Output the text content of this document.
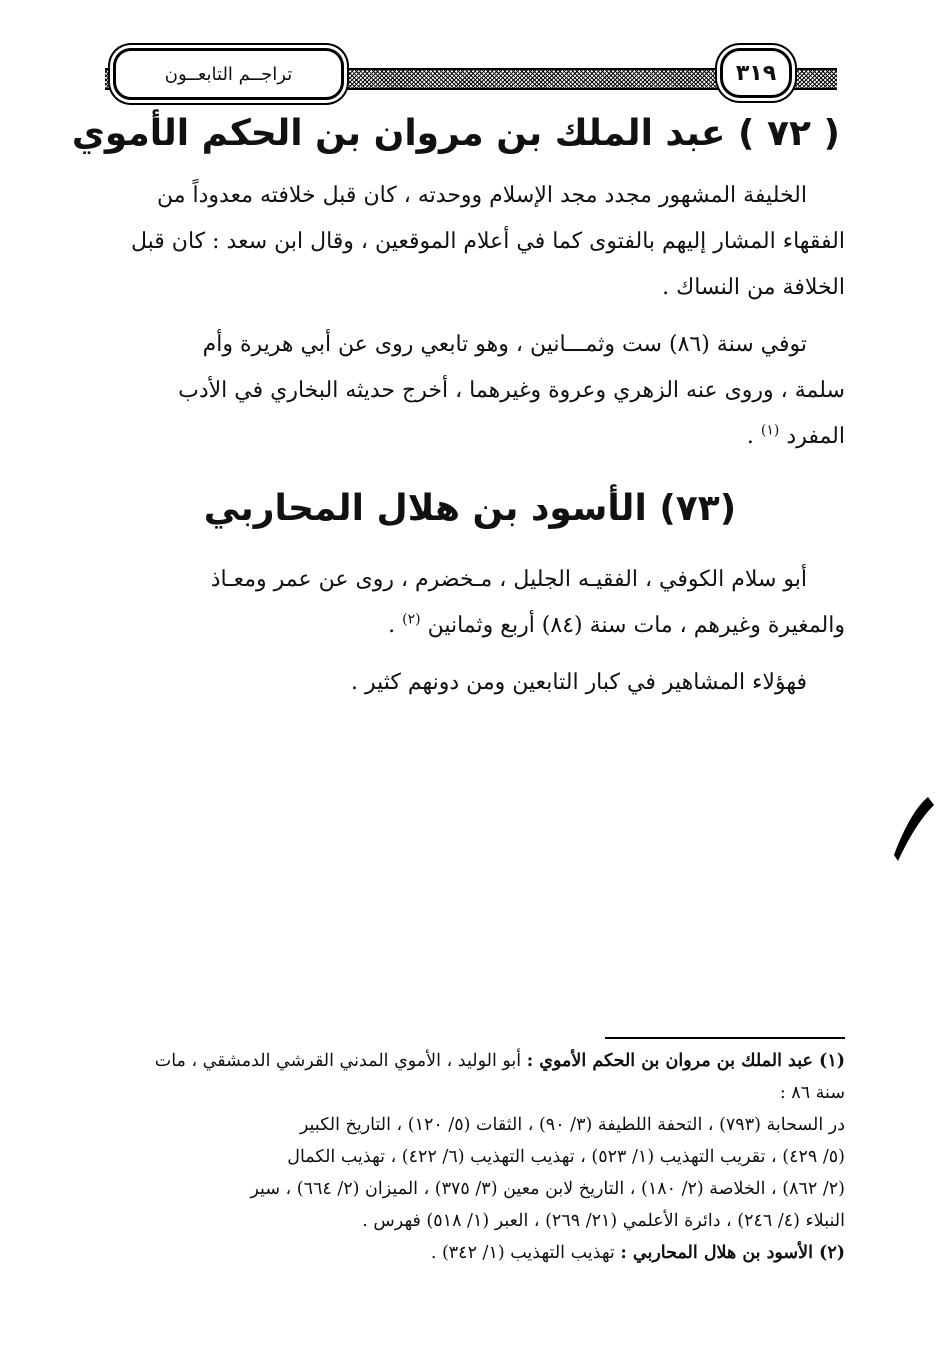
تراجــم التابعــون	٣١٩
( ٧٢ ) عبد الملك بن مروان بن الحكم الأموي
الخليفة المشهور مجدد مجد الإسلام ووحدته ، كان قبل خلافته معدوداً من
الفقهاء المشار إليهم بالفتوى كما في أعلام الموقعين ، وقال ابن سعد : كان قبل
الخلافة من النساك .
توفي سنة (٨٦) ست وثمـــانين ، وهو تابعي روى عن أبي هريرة وأم
سلمة ، وروى عنه الزهري وعروة وغيرهما ، أخرج حديثه البخاري في الأدب
المفرد $^{(١)}$ .
(٧٣) الأسود بن هلال المحاربي
أبو سلام الكوفي ، الفقيـه الجليل ، مـخضرم ، روى عن عمر ومعـاذ
والمغيرة وغيرهم ، مات سنة (٨٤) أربع وثمانين $^{(٢)}$ .
فهؤلاء المشاهير في كبار التابعين ومن دونهم كثير .
(١) عبد الملك بن مروان بن الحكم الأموي : أبو الوليد ، الأموي المدني القرشي الدمشقي ، مات
سنة ٨٦ :
در السحابة (٧٩٣) ، التحفة اللطيفة (٣/ ٩٠) ، الثقات (٥/ ١٢٠) ، التاريخ الكبير
(٥/ ٤٢٩) ، تقريب التهذيب (١/ ٥٢٣) ، تهذيب التهذيب (٦/ ٤٢٢) ، تهذيب الكمال
(٢/ ٨٦٢) ، الخلاصة (٢/ ١٨٠) ، التاريخ لابن معين (٣/ ٣٧٥) ، الميزان (٢/ ٦٦٤) ، سير
النبلاء (٤/ ٢٤٦) ، دائرة الأعلمي (٢١/ ٢٦٩) ، العبر (١/ ٥١٨) فهرس .
(٢) الأسود بن هلال المحاربي : تهذيب التهذيب (١/ ٣٤٢) .
